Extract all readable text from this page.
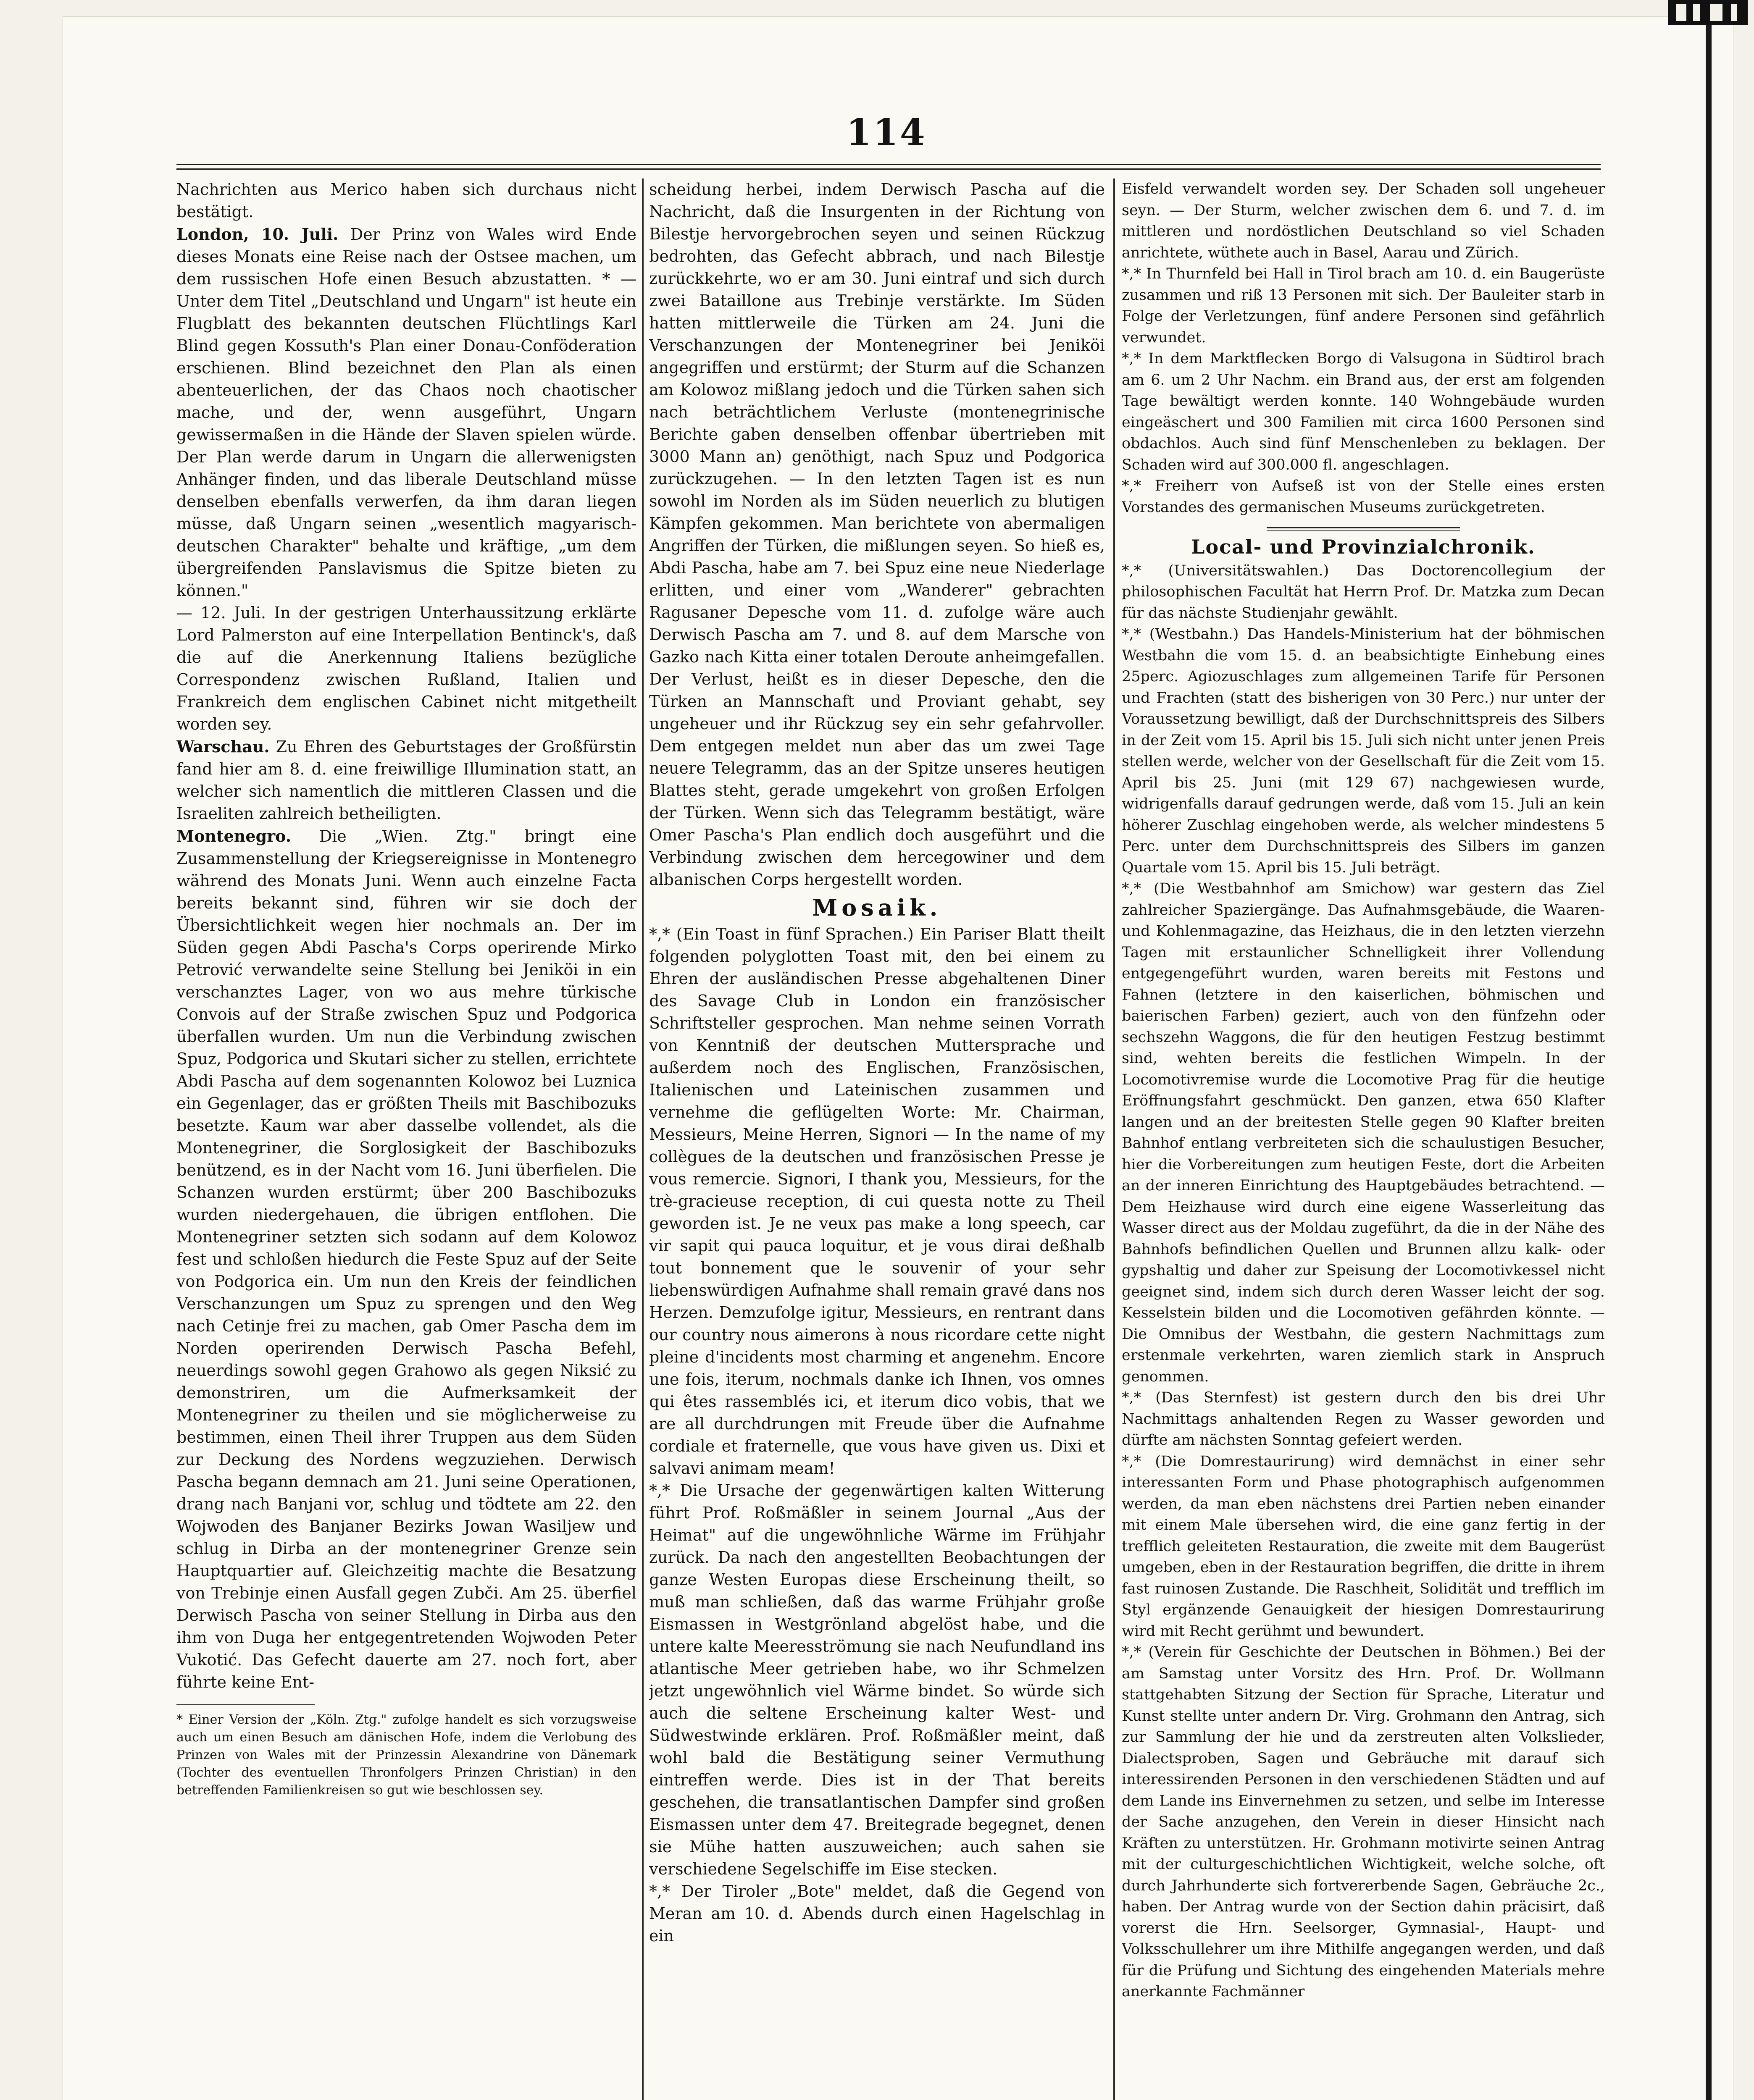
114

Nachrichten aus Merico haben sich durchaus nicht bestätigt.

London, 10. Juli. Der Prinz von Wales wird Ende dieses Monats eine Reise nach der Ostsee machen, um dem russischen Hofe einen Besuch abzustatten. * — Unter dem Titel „Deutschland und Ungarn" ist heute ein Flugblatt des bekannten deutschen Flüchtlings Karl Blind gegen Kossuth's Plan einer Donau-Conföderation erschienen. Blind bezeichnet den Plan als einen abenteuerlichen, der das Chaos noch chaotischer mache, und der, wenn ausgeführt, Ungarn gewissermaßen in die Hände der Slaven spielen würde. Der Plan werde darum in Ungarn die allerwenigsten Anhänger finden, und das liberale Deutschland müsse denselben ebenfalls verwerfen, da ihm daran liegen müsse, daß Ungarn seinen „wesentlich magyarisch-deutschen Charakter" behalte und kräftige, „um dem übergreifenden Panslavismus die Spitze bieten zu können."

— 12. Juli. In der gestrigen Unterhaussitzung erklärte Lord Palmerston auf eine Interpellation Bentinck's, daß die auf die Anerkennung Italiens bezügliche Correspondenz zwischen Rußland, Italien und Frankreich dem englischen Cabinet nicht mitgetheilt worden sey.

Warschau. Zu Ehren des Geburtstages der Großfürstin fand hier am 8. d. eine freiwillige Illumination statt, an welcher sich namentlich die mittleren Classen und die Israeliten zahlreich betheiligten.

Montenegro. Die „Wien. Ztg." bringt eine Zusammenstellung der Kriegsereignisse in Montenegro während des Monats Juni. Wenn auch einzelne Facta bereits bekannt sind, führen wir sie doch der Übersichtlichkeit wegen hier nochmals an. Der im Süden gegen Abdi Pascha's Corps operirende Mirko Petrović verwandelte seine Stellung bei Jeniköi in ein verschanztes Lager, von wo aus mehre türkische Convois auf der Straße zwischen Spuz und Podgorica überfallen wurden. Um nun die Verbindung zwischen Spuz, Podgorica und Skutari sicher zu stellen, errichtete Abdi Pascha auf dem sogenannten Kolowoz bei Luznica ein Gegenlager, das er größten Theils mit Baschibozuks besetzte. Kaum war aber dasselbe vollendet, als die Montenegriner, die Sorglosigkeit der Baschibozuks benützend, es in der Nacht vom 16. Juni überfielen. Die Schanzen wurden erstürmt; über 200 Baschibozuks wurden niedergehauen, die übrigen entflohen. Die Montenegriner setzten sich sodann auf dem Kolowoz fest und schloßen hiedurch die Feste Spuz auf der Seite von Podgorica ein. Um nun den Kreis der feindlichen Verschanzungen um Spuz zu sprengen und den Weg nach Cetinje frei zu machen, gab Omer Pascha dem im Norden operirenden Derwisch Pascha Befehl, neuerdings sowohl gegen Grahowo als gegen Niksić zu demonstriren, um die Aufmerksamkeit der Montenegriner zu theilen und sie möglicherweise zu bestimmen, einen Theil ihrer Truppen aus dem Süden zur Deckung des Nordens wegzuziehen. Derwisch Pascha begann demnach am 21. Juni seine Operationen, drang nach Banjani vor, schlug und tödtete am 22. den Wojwoden des Banjaner Bezirks Jowan Wasiljew und schlug in Dirba an der montenegriner Grenze sein Hauptquartier auf. Gleichzeitig machte die Besatzung von Trebinje einen Ausfall gegen Zubči. Am 25. überfiel Derwisch Pascha von seiner Stellung in Dirba aus den ihm von Duga her entgegentretenden Wojwoden Peter Vukotić. Das Gefecht dauerte am 27. noch fort, aber führte keine Ent-

* Einer Version der „Köln. Ztg." zufolge handelt es sich vorzugsweise auch um einen Besuch am dänischen Hofe, indem die Verlobung des Prinzen von Wales mit der Prinzessin Alexandrine von Dänemark (Tochter des eventuellen Thronfolgers Prinzen Christian) in den betreffenden Familienkreisen so gut wie beschlossen sey.

scheidung herbei, indem Derwisch Pascha auf die Nachricht, daß die Insurgenten in der Richtung von Bilestje hervorgebrochen seyen und seinen Rückzug bedrohten, das Gefecht abbrach, und nach Bilestje zurückkehrte, wo er am 30. Juni eintraf und sich durch zwei Bataillone aus Trebinje verstärkte. Im Süden hatten mittlerweile die Türken am 24. Juni die Verschanzungen der Montenegriner bei Jeniköi angegriffen und erstürmt; der Sturm auf die Schanzen am Kolowoz mißlang jedoch und die Türken sahen sich nach beträchtlichem Verluste (montenegrinische Berichte gaben denselben offenbar übertrieben mit 3000 Mann an) genöthigt, nach Spuz und Podgorica zurückzugehen. — In den letzten Tagen ist es nun sowohl im Norden als im Süden neuerlich zu blutigen Kämpfen gekommen. Man berichtete von abermaligen Angriffen der Türken, die mißlungen seyen. So hieß es, Abdi Pascha, habe am 7. bei Spuz eine neue Niederlage erlitten, und einer vom „Wanderer" gebrachten Ragusaner Depesche vom 11. d. zufolge wäre auch Derwisch Pascha am 7. und 8. auf dem Marsche von Gazko nach Kitta einer totalen Deroute anheimgefallen. Der Verlust, heißt es in dieser Depesche, den die Türken an Mannschaft und Proviant gehabt, sey ungeheuer und ihr Rückzug sey ein sehr gefahrvoller. Dem entgegen meldet nun aber das um zwei Tage neuere Telegramm, das an der Spitze unseres heutigen Blattes steht, gerade umgekehrt von großen Erfolgen der Türken. Wenn sich das Telegramm bestätigt, wäre Omer Pascha's Plan endlich doch ausgeführt und die Verbindung zwischen dem hercegowiner und dem albanischen Corps hergestellt worden.

Mosaik.

*,* (Ein Toast in fünf Sprachen.) Ein Pariser Blatt theilt folgenden polyglotten Toast mit, den bei einem zu Ehren der ausländischen Presse abgehaltenen Diner des Savage Club in London ein französischer Schriftsteller gesprochen. Man nehme seinen Vorrath von Kenntniß der deutschen Muttersprache und außerdem noch des Englischen, Französischen, Italienischen und Lateinischen zusammen und vernehme die geflügelten Worte: Mr. Chairman, Messieurs, Meine Herren, Signori — In the name of my collègues de la deutschen und französischen Presse je vous remercie. Signori, I thank you, Messieurs, for the trè-gracieuse reception, di cui questa notte zu Theil geworden ist. Je ne veux pas make a long speech, car vir sapit qui pauca loquitur, et je vous dirai deßhalb tout bonnement que le souvenir of your sehr liebenswürdigen Aufnahme shall remain gravé dans nos Herzen. Demzufolge igitur, Messieurs, en rentrant dans our country nous aimerons à nous ricordare cette night pleine d'incidents most charming et angenehm. Encore une fois, iterum, nochmals danke ich Ihnen, vos omnes qui êtes rassemblés ici, et iterum dico vobis, that we are all durchdrungen mit Freude über die Aufnahme cordiale et fraternelle, que vous have given us. Dixi et salvavi animam meam!

*,* Die Ursache der gegenwärtigen kalten Witterung führt Prof. Roßmäßler in seinem Journal „Aus der Heimat" auf die ungewöhnliche Wärme im Frühjahr zurück. Da nach den angestellten Beobachtungen der ganze Westen Europas diese Erscheinung theilt, so muß man schließen, daß das warme Frühjahr große Eismassen in Westgrönland abgelöst habe, und die untere kalte Meeresströmung sie nach Neufundland ins atlantische Meer getrieben habe, wo ihr Schmelzen jetzt ungewöhnlich viel Wärme bindet. So würde sich auch die seltene Erscheinung kalter West- und Südwestwinde erklären. Prof. Roßmäßler meint, daß wohl bald die Bestätigung seiner Vermuthung eintreffen werde. Dies ist in der That bereits geschehen, die transatlantischen Dampfer sind großen Eismassen unter dem 47. Breitegrade begegnet, denen sie Mühe hatten auszuweichen; auch sahen sie verschiedene Segelschiffe im Eise stecken.

*,* Der Tiroler „Bote" meldet, daß die Gegend von Meran am 10. d. Abends durch einen Hagelschlag in ein

Eisfeld verwandelt worden sey. Der Schaden soll ungeheuer seyn. — Der Sturm, welcher zwischen dem 6. und 7. d. im mittleren und nordöstlichen Deutschland so viel Schaden anrichtete, wüthete auch in Basel, Aarau und Zürich.

*,* In Thurnfeld bei Hall in Tirol brach am 10. d. ein Baugerüste zusammen und riß 13 Personen mit sich. Der Bauleiter starb in Folge der Verletzungen, fünf andere Personen sind gefährlich verwundet.

*,* In dem Marktflecken Borgo di Valsugona in Südtirol brach am 6. um 2 Uhr Nachm. ein Brand aus, der erst am folgenden Tage bewältigt werden konnte. 140 Wohngebäude wurden eingeäschert und 300 Familien mit circa 1600 Personen sind obdachlos. Auch sind fünf Menschenleben zu beklagen. Der Schaden wird auf 300.000 fl. angeschlagen.

*,* Freiherr von Aufseß ist von der Stelle eines ersten Vorstandes des germanischen Museums zurückgetreten.

Local- und Provinzialchronik.

*,* (Universitätswahlen.) Das Doctorencollegium der philosophischen Facultät hat Herrn Prof. Dr. Matzka zum Decan für das nächste Studienjahr gewählt.

*,* (Westbahn.) Das Handels-Ministerium hat der böhmischen Westbahn die vom 15. d. an beabsichtigte Einhebung eines 25perc. Agiozuschlages zum allgemeinen Tarife für Personen und Frachten (statt des bisherigen von 30 Perc.) nur unter der Voraussetzung bewilligt, daß der Durchschnittspreis des Silbers in der Zeit vom 15. April bis 15. Juli sich nicht unter jenen Preis stellen werde, welcher von der Gesellschaft für die Zeit vom 15. April bis 25. Juni (mit 129 67) nachgewiesen wurde, widrigenfalls darauf gedrungen werde, daß vom 15. Juli an kein höherer Zuschlag eingehoben werde, als welcher mindestens 5 Perc. unter dem Durchschnittspreis des Silbers im ganzen Quartale vom 15. April bis 15. Juli beträgt.

*,* (Die Westbahnhof am Smichow) war gestern das Ziel zahlreicher Spaziergänge. Das Aufnahmsgebäude, die Waaren- und Kohlenmagazine, das Heizhaus, die in den letzten vierzehn Tagen mit erstaunlicher Schnelligkeit ihrer Vollendung entgegengeführt wurden, waren bereits mit Festons und Fahnen (letztere in den kaiserlichen, böhmischen und baierischen Farben) geziert, auch von den fünfzehn oder sechszehn Waggons, die für den heutigen Festzug bestimmt sind, wehten bereits die festlichen Wimpeln. In der Locomotivremise wurde die Locomotive Prag für die heutige Eröffnungsfahrt geschmückt. Den ganzen, etwa 650 Klafter langen und an der breitesten Stelle gegen 90 Klafter breiten Bahnhof entlang verbreiteten sich die schaulustigen Besucher, hier die Vorbereitungen zum heutigen Feste, dort die Arbeiten an der inneren Einrichtung des Hauptgebäudes betrachtend. — Dem Heizhause wird durch eine eigene Wasserleitung das Wasser direct aus der Moldau zugeführt, da die in der Nähe des Bahnhofs befindlichen Quellen und Brunnen allzu kalk- oder gypshaltig und daher zur Speisung der Locomotivkessel nicht geeignet sind, indem sich durch deren Wasser leicht der sog. Kesselstein bilden und die Locomotiven gefährden könnte. — Die Omnibus der Westbahn, die gestern Nachmittags zum erstenmale verkehrten, waren ziemlich stark in Anspruch genommen.

*,* (Das Sternfest) ist gestern durch den bis drei Uhr Nachmittags anhaltenden Regen zu Wasser geworden und dürfte am nächsten Sonntag gefeiert werden.

*,* (Die Domrestaurirung) wird demnächst in einer sehr interessanten Form und Phase photographisch aufgenommen werden, da man eben nächstens drei Partien neben einander mit einem Male übersehen wird, die eine ganz fertig in der trefflich geleiteten Restauration, die zweite mit dem Baugerüst umgeben, eben in der Restauration begriffen, die dritte in ihrem fast ruinosen Zustande. Die Raschheit, Solidität und trefflich im Styl ergänzende Genauigkeit der hiesigen Domrestaurirung wird mit Recht gerühmt und bewundert.

*,* (Verein für Geschichte der Deutschen in Böhmen.) Bei der am Samstag unter Vorsitz des Hrn. Prof. Dr. Wollmann stattgehabten Sitzung der Section für Sprache, Literatur und Kunst stellte unter andern Dr. Virg. Grohmann den Antrag, sich zur Sammlung der hie und da zerstreuten alten Volkslieder, Dialectsproben, Sagen und Gebräuche mit darauf sich interessirenden Personen in den verschiedenen Städten und auf dem Lande ins Einvernehmen zu setzen, und selbe im Interesse der Sache anzugehen, den Verein in dieser Hinsicht nach Kräften zu unterstützen. Hr. Grohmann motivirte seinen Antrag mit der culturgeschichtlichen Wichtigkeit, welche solche, oft durch Jahrhunderte sich fortvererbende Sagen, Gebräuche 2c., haben. Der Antrag wurde von der Section dahin präcisirt, daß vorerst die Hrn. Seelsorger, Gymnasial-, Haupt- und Volksschullehrer um ihre Mithilfe angegangen werden, und daß für die Prüfung und Sichtung des eingehenden Materials mehre anerkannte Fachmänner
